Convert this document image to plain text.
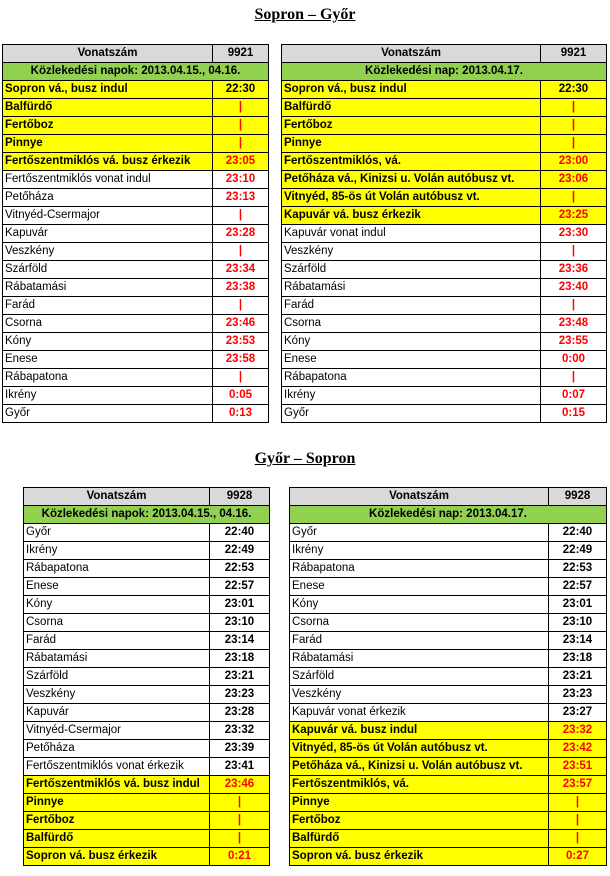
Sopron – Győr
Győr – Sopron
Vonatszám	9921
Közlekedési napok: 2013.04.15., 04.16.	
Sopron vá., busz indul	22:30
Balfürdő	|
Fertőboz	|
Pinnye	|
Fertőszentmiklós vá. busz érkezik	23:05
Fertőszentmiklós vonat indul	23:10
Petőháza	23:13
Vitnyéd-Csermajor	|
Kapuvár	23:28
Veszkény	|
Szárföld	23:34
Rábatamási	23:38
Farád	|
Csorna	23:46
Kóny	23:53
Enese	23:58
Rábapatona	|
Ikrény	0:05
Győr	0:13
Vonatszám	9921
Közlekedési nap: 2013.04.17.	
Sopron vá., busz indul	22:30
Balfürdő	|
Fertőboz	|
Pinnye	|
Fertőszentmiklós, vá.	23:00
Petőháza vá., Kinizsi u. Volán autóbusz vt.	23:06
Vitnyéd, 85-ös út Volán autóbusz vt.	|
Kapuvár vá. busz érkezik	23:25
Kapuvár vonat indul	23:30
Veszkény	|
Szárföld	23:36
Rábatamási	23:40
Farád	|
Csorna	23:48
Kóny	23:55
Enese	0:00
Rábapatona	|
Ikrény	0:07
Győr	0:15
Vonatszám	9928
Közlekedési napok: 2013.04.15., 04.16.	
Győr	22:40
Ikrény	22:49
Rábapatona	22:53
Enese	22:57
Kóny	23:01
Csorna	23:10
Farád	23:14
Rábatamási	23:18
Szárföld	23:21
Veszkény	23:23
Kapuvár	23:28
Vitnyéd-Csermajor	23:32
Petőháza	23:39
Fertőszentmiklós vonat érkezik	23:41
Fertőszentmiklós vá. busz indul	23:46
Pinnye	|
Fertőboz	|
Balfürdő	|
Sopron vá. busz érkezik	0:21
Vonatszám	9928
Közlekedési nap: 2013.04.17.	
Győr	22:40
Ikrény	22:49
Rábapatona	22:53
Enese	22:57
Kóny	23:01
Csorna	23:10
Farád	23:14
Rábatamási	23:18
Szárföld	23:21
Veszkény	23:23
Kapuvár vonat érkezik	23:27
Kapuvár vá. busz indul	23:32
Vitnyéd, 85-ös út Volán autóbusz vt.	23:42
Petőháza vá., Kinizsi u. Volán autóbusz vt.	23:51
Fertőszentmiklós, vá.	23:57
Pinnye	|
Fertőboz	|
Balfürdő	|
Sopron vá. busz érkezik	0:27
